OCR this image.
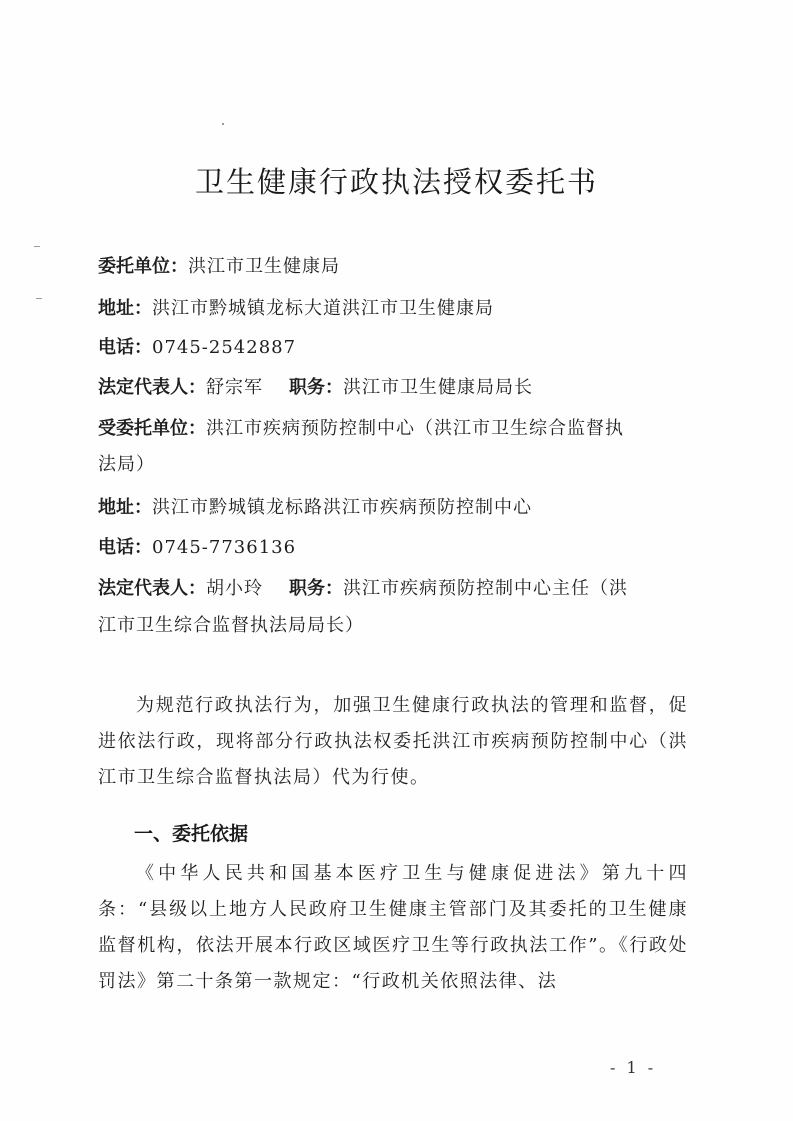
卫生健康行政执法授权委托书
委托单位：洪江市卫生健康局
地址：洪江市黔城镇龙标大道洪江市卫生健康局
电话：0745-2542887
法定代表人：舒宗军 职务：洪江市卫生健康局局长
受委托单位：洪江市疾病预防控制中心（洪江市卫生综合监督执
法局）
地址：洪江市黔城镇龙标路洪江市疾病预防控制中心
电话：0745-7736136
法定代表人：胡小玲 职务：洪江市疾病预防控制中心主任（洪
江市卫生综合监督执法局局长）
为规范行政执法行为，加强卫生健康行政执法的管理和监督，促进依法行政，现将部分行政执法权委托洪江市疾病预防控制中心（洪江市卫生综合监督执法局）代为行使。
一、委托依据
《中华人民共和国基本医疗卫生与健康促进法》第九十四条：“县级以上地方人民政府卫生健康主管部门及其委托的卫生健康监督机构，依法开展本行政区域医疗卫生等行政执法工作”。《行政处罚法》第二十条第一款规定：“行政机关依照法律、法
- 1 -
